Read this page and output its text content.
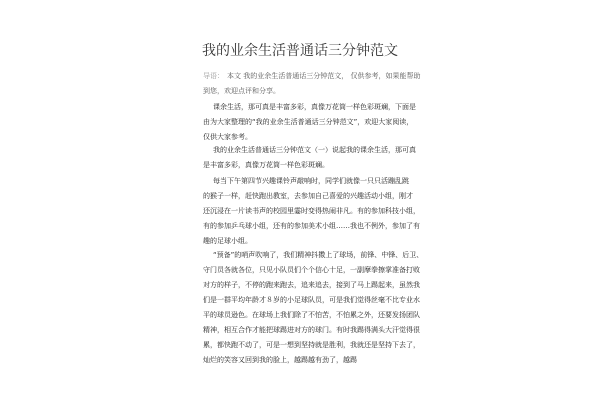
我的业余生活普通话三分钟范文
导语： 本文 我的业余生活普通话三分钟范文， 仅供参考，如果能帮助
到您，欢迎点评和分享。
课余生活，那可真是丰富多彩，真像万花筒一样色彩斑斓，下面是
由为大家整理的“我的业余生活普通话三分钟范文”，欢迎大家阅读，
仅供大家参考。
我的业余生活普通话三分钟范文（一）说起我的课余生活，那可真
是丰富多彩，真像万花筒一样色彩斑斓。
每当下午第四节兴趣课铃声敲响时，同学们就像一只只活蹦乱跳
的猴子一样，赶快跑出教室，去参加自己喜爱的兴趣活动小组，刚才
还沉浸在一片读书声的校园里霎时变得热闹非凡。有的参加科技小组，
有的参加乒乓球小组，还有的参加美术小组……我也不例外，参加了有
趣的足球小组。
“预备”的哨声吹响了，我们精神抖擞上了球场，前锋、中锋、后卫、
守门员各就各位，只见小队员们个个信心十足，一副摩拳擦掌准备打败
对方的样子，不停的跑来跑去，追来追去，接到了马上踢起来，虽然我
们是一群平均年龄才８岁的小足球队员，可是我们觉得丝毫不比专业水
平的球员逊色。在球场上我们除了不怕苦，不怕累之外，还要发扬团队
精神，相互合作才能把球踢进对方的球门。有时我踢得满头大汗觉得很
累，都快跑不动了，可是一想到坚持就是胜利，我就还是坚持下去了，
灿烂的笑容又回到我的脸上，越踢越有劲了，越踢
